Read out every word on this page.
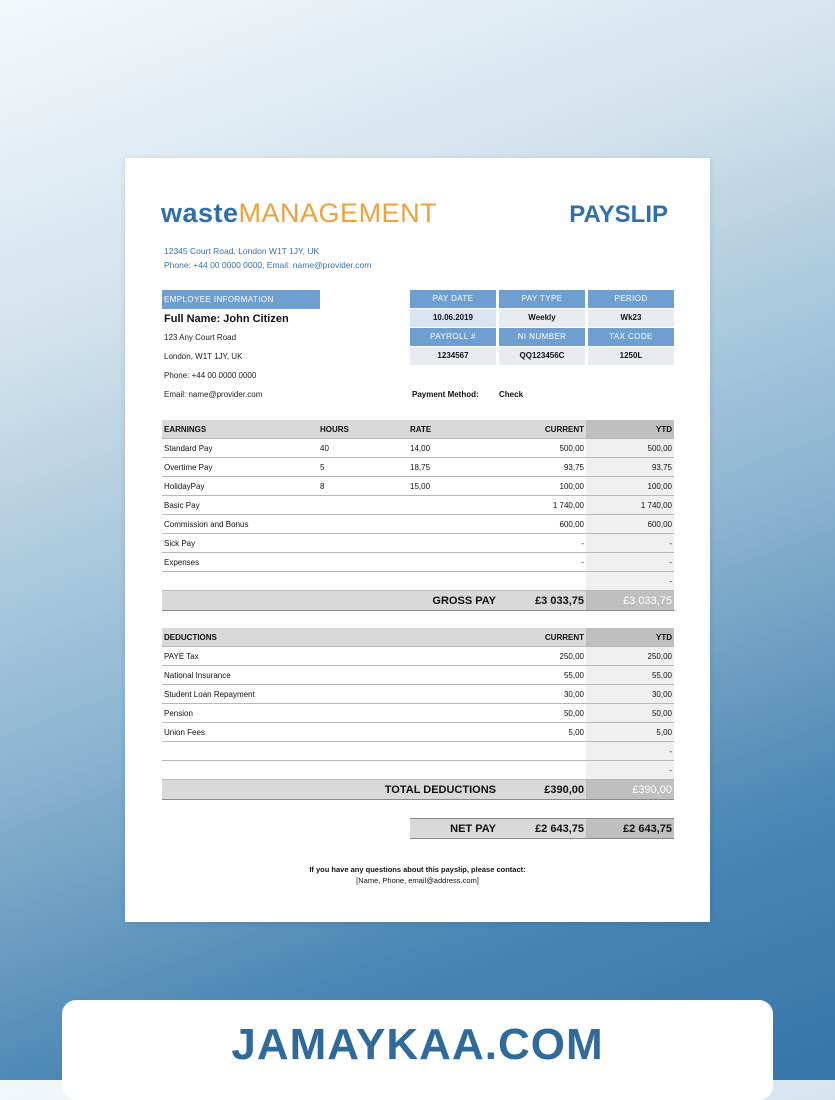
wasteMANAGEMENT	PAYSLIP
12345 Court Road, London W1T 1JY, UK
Phone: +44 00 0000 0000, Email: name@provider.com
EMPLOYEE INFORMATION
Full Name: John Citizen
123 Any Court Road
London, W1T 1JY, UK
Phone: +44 00 0000 0000
Email: name@provider.com
PAY DATE	PAY TYPE	PERIOD
10.06.2019	Weekly	Wk23
PAYROLL #	NI NUMBER	TAX CODE
1234567	QQ123456C	1250L
Payment Method:	Check
EARNINGS	HOURS	RATE	CURRENT	YTD
Standard Pay	40	14,00	500,00	500,00
Overtime Pay	5	18,75	93,75	93,75
HolidayPay	8	15,00	100,00	100,00
Basic Pay			1 740,00	1 740,00
Commission and Bonus			600,00	600,00
Sick Pay			-	-
Expenses			-	-
				-
		GROSS PAY	£3 033,75	£3 033,75
DEDUCTIONS			CURRENT	YTD
PAYE Tax			250,00	250,00
National Insurance			55,00	55,00
Student Loan Repayment			30,00	30,00
Pension			50,00	50,00
Union Fees			5,00	5,00
				-
				-
	TOTAL DEDUCTIONS		£390,00	£390,00
NET PAY	£2 643,75	£2 643,75
If you have any questions about this payslip, please contact:
[Name, Phone, email@address.com]
JAMAYKAA.COM
